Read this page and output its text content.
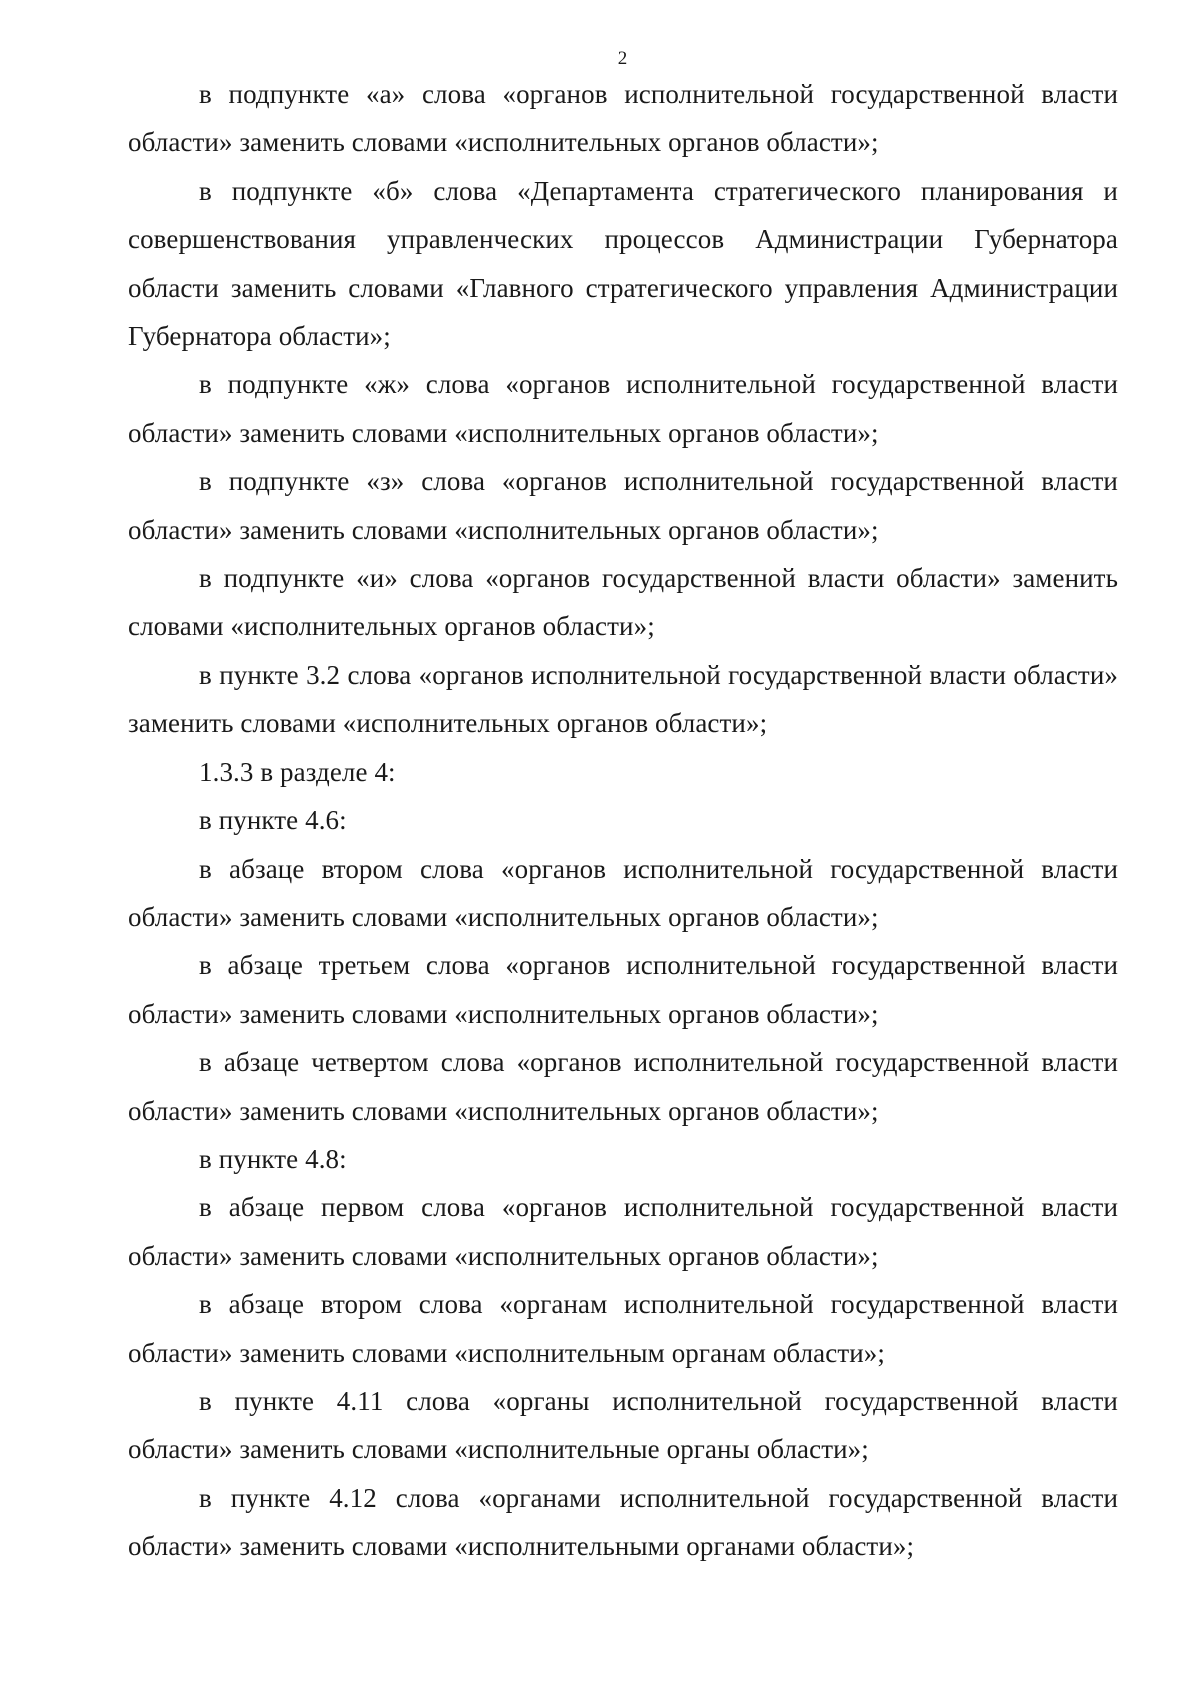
2

в подпункте «а» слова «органов исполнительной государственной власти области» заменить словами «исполнительных органов области»;

в подпункте «б» слова «Департамента стратегического планирования и совершенствования управленческих процессов Администрации Губернатора области заменить словами «Главного стратегического управления Администрации Губернатора области»;

в подпункте «ж» слова «органов исполнительной государственной власти области» заменить словами «исполнительных органов области»;

в подпункте «з» слова «органов исполнительной государственной власти области» заменить словами «исполнительных органов области»;

в подпункте «и» слова «органов государственной власти области» заменить словами «исполнительных органов области»;

в пункте 3.2 слова «органов исполнительной государственной власти области» заменить словами «исполнительных органов области»;

1.3.3 в разделе 4:

в пункте 4.6:

в абзаце втором слова «органов исполнительной государственной власти области» заменить словами «исполнительных органов области»;

в абзаце третьем слова «органов исполнительной государственной власти области» заменить словами «исполнительных органов области»;

в абзаце четвертом слова «органов исполнительной государственной власти области» заменить словами «исполнительных органов области»;

в пункте 4.8:

в абзаце первом слова «органов исполнительной государственной власти области» заменить словами «исполнительных органов области»;

в абзаце втором слова «органам исполнительной государственной власти области» заменить словами «исполнительным органам области»;

в пункте 4.11 слова «органы исполнительной государственной власти области» заменить словами «исполнительные органы области»;

в пункте 4.12 слова «органами исполнительной государственной власти области» заменить словами «исполнительными органами области»;
